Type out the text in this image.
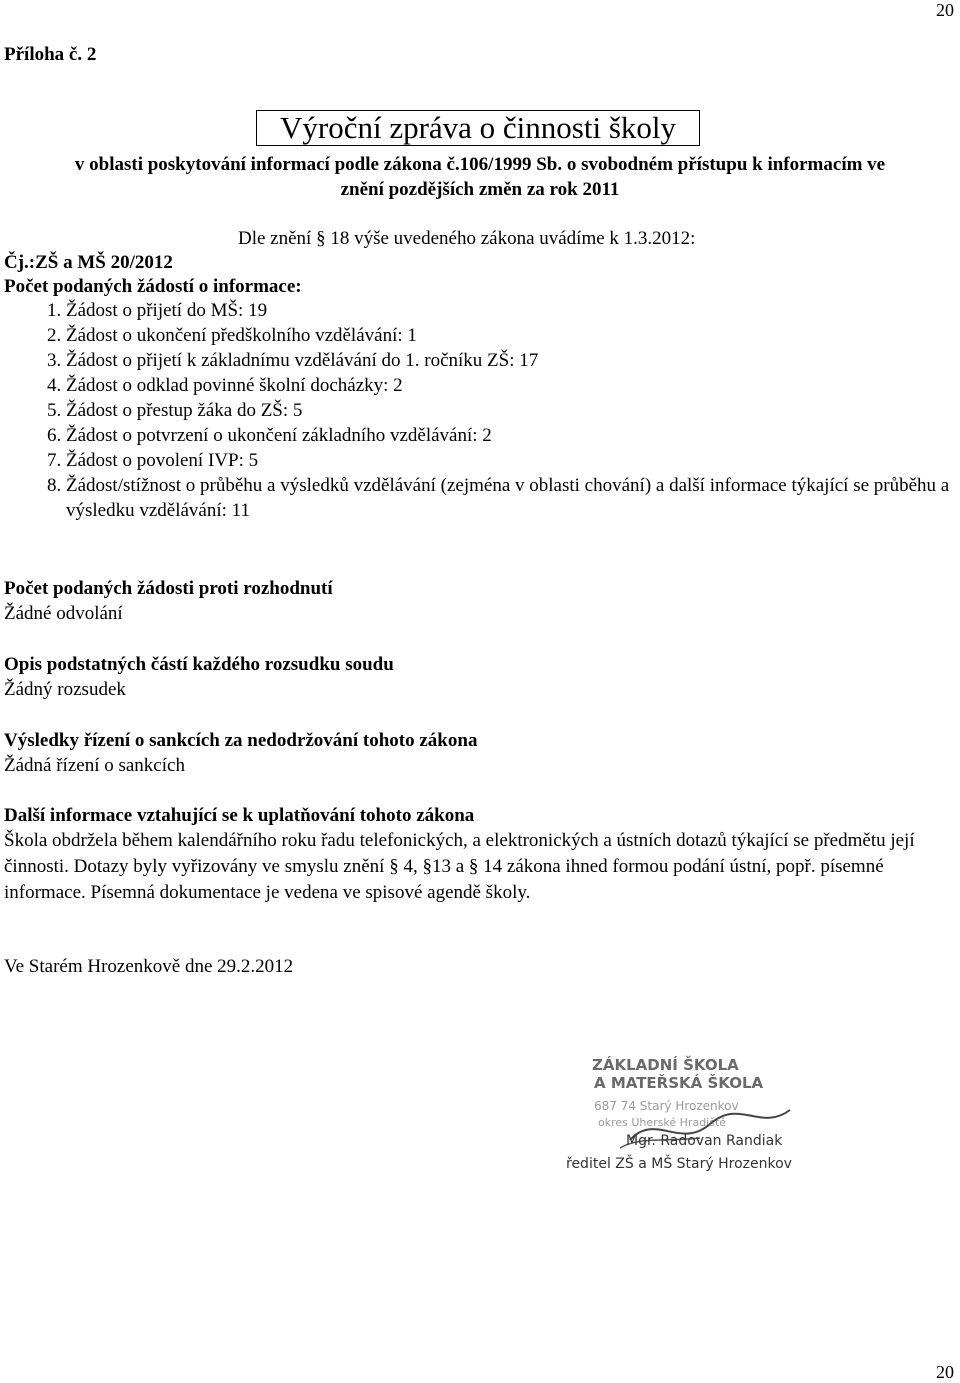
20
Příloha č. 2
Výroční zpráva o činnosti školy
v oblasti poskytování informací podle zákona č.106/1999 Sb. o svobodném přístupu k informacím ve
znění pozdějších změn za rok 2011
Dle znění § 18 výše uvedeného zákona uvádíme k 1.3.2012:
Čj.:ZŠ a MŠ 20/2012
Počet podaných žádostí o informace:
1. Žádost o přijetí do MŠ: 19
2. Žádost o ukončení předškolního vzdělávání: 1
3. Žádost o přijetí k základnímu vzdělávání do 1. ročníku ZŠ: 17
4. Žádost o odklad povinné školní docházky: 2
5. Žádost o přestup žáka do ZŠ: 5
6. Žádost o potvrzení o ukončení základního vzdělávání: 2
7. Žádost o povolení IVP: 5
8. Žádost/stížnost o průběhu a výsledků vzdělávání (zejména v oblasti chování) a další informace týkající se průběhu a výsledku vzdělávání: 11
Počet podaných žádosti proti rozhodnutí
Žádné odvolání
Opis podstatných částí každého rozsudku soudu
Žádný rozsudek
Výsledky řízení o sankcích za nedodržování tohoto zákona
Žádná řízení o sankcích
Další informace vztahující se k uplatňování tohoto zákona
Škola obdržela během kalendářního roku řadu telefonických, a elektronických a ústních dotazů týkající se předmětu její činnosti. Dotazy byly vyřizovány ve smyslu znění § 4, §13 a § 14 zákona ihned formou podání ústní, popř. písemné informace. Písemná dokumentace je vedena ve spisové agendě školy.
Ve Starém Hrozenkově dne 29.2.2012
ZÁKLADNÍ ŠKOLA
A MATEŘSKÁ ŠKOLA
687 74 Starý Hrozenkov
okres Uherské Hradiště
Mgr. Radovan Randiak
ředitel ZŠ a MŠ Starý Hrozenkov
20
